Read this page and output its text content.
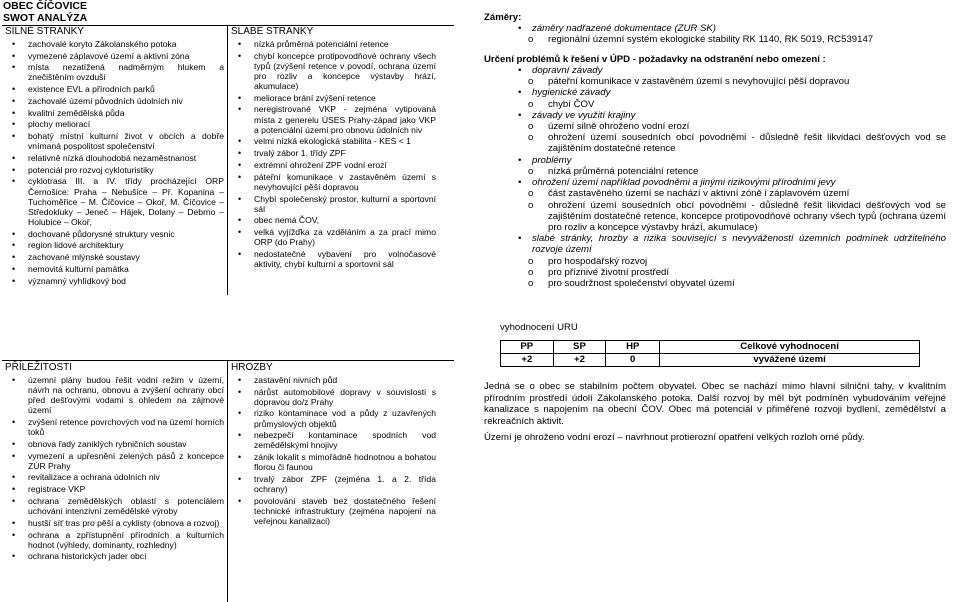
OBEC ČÍČOVICE
SWOT ANALÝZA
SILNÉ STRÁNKY
• zachovalé koryto Zákolanského potoka
• vymezené záplavové území a aktivní zóna
• místa nezatížená nadměrným hlukem a znečištěním ovzduší
• existence EVL a přírodních parků
• zachovalé území původních údolních niv
• kvalitní zemědělská půda
• plochy meliorací
• bohatý místní kulturní život v obcích a dobře vnímaná pospolitost společenství
• relativně nízká dlouhodobá nezaměstnanost
• potenciál pro rozvoj cykloturistiky
• cyklotrasa III. a IV. třídy procházející ORP Černošice: Praha – Nebušice – Př. Kopanina – Tuchoměřice – M. Číčovice – Okoř, M. Číčovice – Středokluky – Jeneč – Hájek, Dolany – Debrno – Holubice – Okoř,
• dochované půdorysné struktury vesnic
• region lidové architektury
• zachované mlýnské soustavy
• nemovitá kulturní památka
• významný vyhlídkový bod
SLABÉ STRÁNKY
• nízká průměrná potenciální retence
• chybí koncepce protipovodňové ochrany všech typů (zvýšení retence v povodí, ochrana území pro rozliv a koncepce výstavby hrází, akumulace)
• meliorace brání zvýšení retence
• neregistrované VKP - zejména vytipovaná místa z generelu ÚSES Prahy-západ jako VKP a potenciální území pro obnovu údolních niv
• velmi nízká ekologická stabilita - KES < 1
• trvalý zábor 1. třídy ZPF
• extrémní ohrožení ZPF vodní erozí
• páteřní komunikace v zastavěném území s nevyhovující pěší dopravou
• Chybí společenský prostor, kulturní a sportovní sál
• obec nemá ČOV,
• velká vyjížďka za vzděláním a za prací mimo ORP (do Prahy)
• nedostatečné vybavení pro volnočasové aktivity, chybí kulturní a sportovní sál
PŘÍLEŽITOSTI
• územní plány budou řešit vodní režim v území, návrh na ochranu, obnovu a zvýšení ochrany obcí před dešťovými vodami s ohledem na zájmové území
• zvýšení retence povrchových vod na území horních toků
• obnova řady zaniklých rybničních soustav
• vymezení a upřesnění zelených pásů z koncepce ZÚR Prahy
• revitalizace a ochrana údolních niv
• registrace VKP
• ochrana zemědělských oblastí s potenciálem uchování intenzivní zemědělské výroby
• hustší síť tras pro pěší a cyklisty (obnova a rozvoj)
• ochrana a zpřístupnění přírodních a kulturních hodnot (výhledy, dominanty, rozhledny)
• ochrana historických jader obcí
HROZBY
• zastavění nivních půd
• nárůst automobilové dopravy v souvislosti s dopravou do/z Prahy
• riziko kontaminace vod a půdy z uzavřených průmyslových objektů
• nebezpečí kontaminace spodních vod zemědělskými hnojivy
• zánik lokalit s mimořádně hodnotnou a bohatou florou či faunou
• trvalý zábor ZPF (zejména 1. a 2. třída ochrany)
• povolování staveb bez dostatečného řešení technické infrastruktury (zejména napojení na veřejnou kanalizaci)
Záměry:
• záměry nadřazené dokumentace (ZUR SK)
o regionální územní systém ekologické stability RK 1140, RK 5019, RC539147
Určení problémů k řešení v ÚPD - požadavky na odstranění nebo omezení :
• dopravní závady
o páteřní komunikace v zastavěném území s nevyhovující pěší dopravou
• hygienické závady
o chybí ČOV
• závady ve využití krajiny
o území silně ohroženo vodní erozí
o ohrožení území sousedních obcí povodněmi - důsledně řešit likvidaci dešťových vod se zajištěním dostatečné retence
• problémy
o nízká průměrná potenciální retence
• ohrožení území například povodněmi a jinými rizikovými přírodními jevy
o část zastavěného území se nachází v aktivní zóně i záplavovém území
o ohrožení území sousedních obcí povodněmi - důsledně řešit likvidaci dešťových vod se zajištěním dostatečné retence, koncepce protipovodňové ochrany všech typů (ochrana území pro rozliv a koncepce výstavby hrází, akumulace)
• slabé stránky, hrozby a rizika související s nevyvážeností územních podmínek udržitelného rozvoje území
o pro hospodářský rozvoj
o pro příznivé životní prostředí
o pro soudržnost společenství obyvatel území
vyhodnocení URU
PP	SP	HP	Celkové vyhodnocení
+2	+2	0	vyvážené území
Jedná se o obec se stabilním počtem obyvatel. Obec se nachází mimo hlavní silniční tahy, v kvalitním přírodním prostředí údolí Zákolanského potoka. Další rozvoj by měl být podmíněn vybudováním veřejné kanalizace s napojením na obecní ČOV. Obec má potenciál v přiměřené rozvoji bydlení, zemědělství a rekreačních aktivit.
Území je ohroženo vodní erozí – navrhnout protierozní opatření velkých rozloh orné půdy.
